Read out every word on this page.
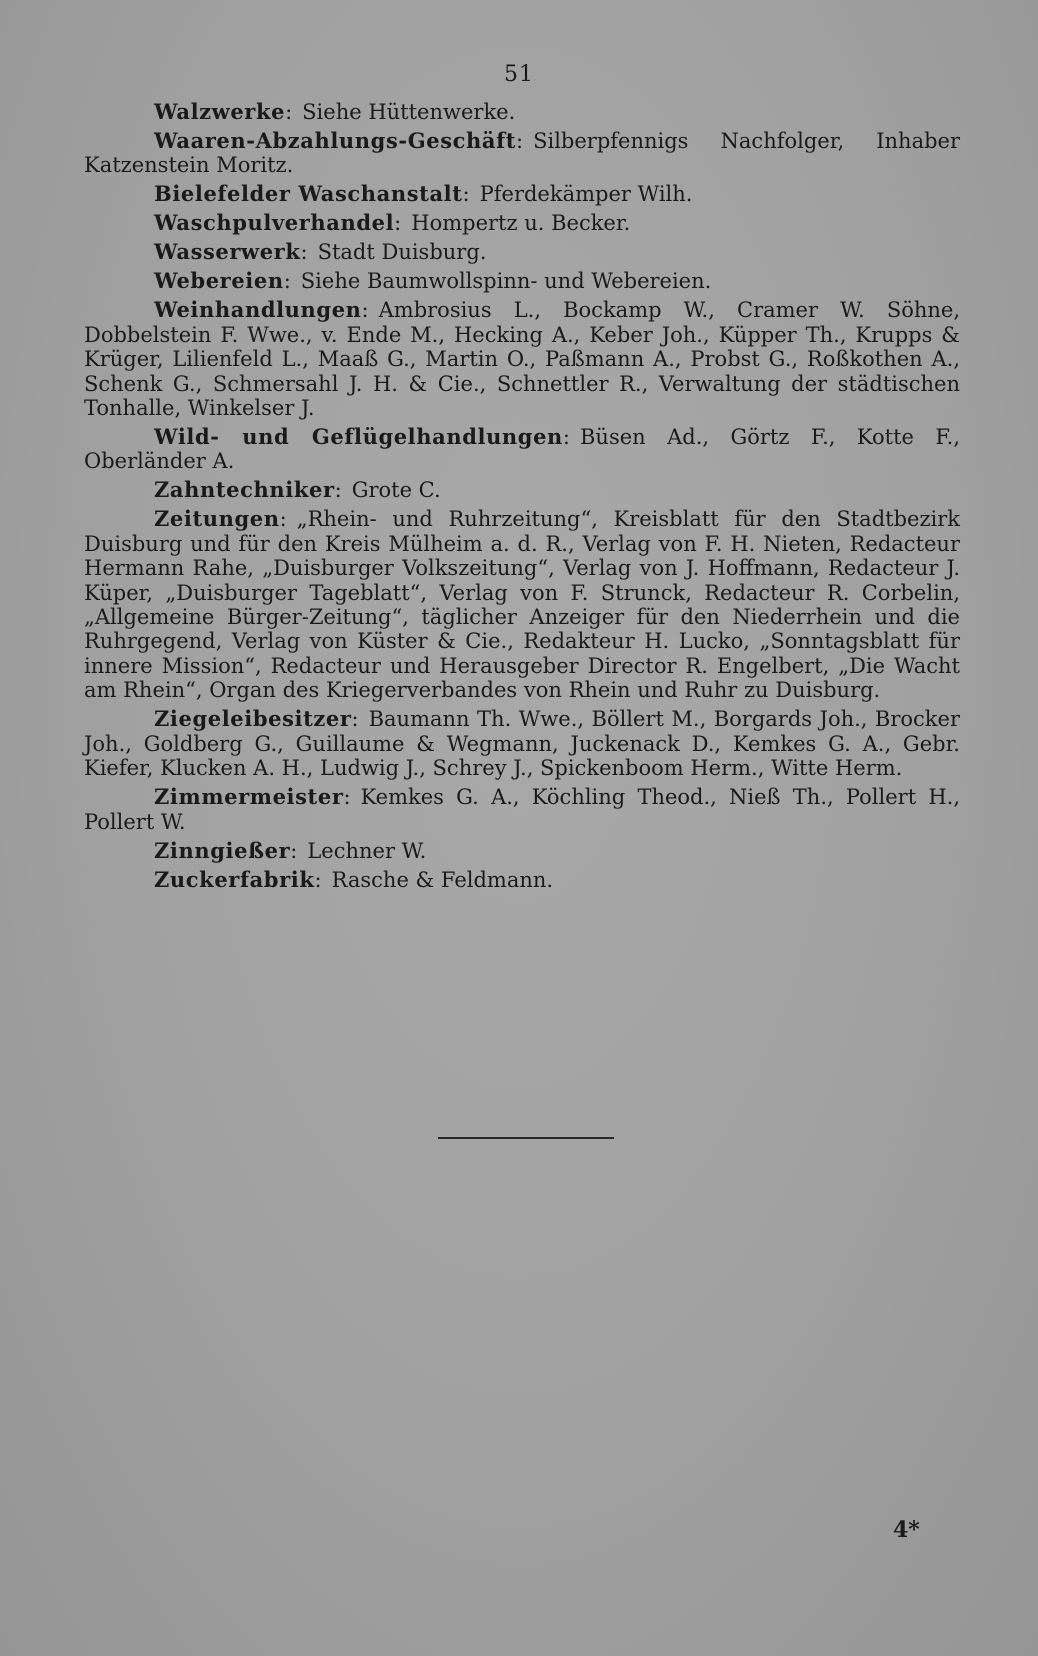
51

Walzwerke: Siehe Hüttenwerke.

Waaren-Abzahlungs-Geschäft: Silberpfennigs Nachfolger, Inhaber Katzenstein Moritz.

Bielefelder Waschanstalt: Pferdekämper Wilh.

Waschpulverhandel: Hompertz u. Becker.

Wasserwerk: Stadt Duisburg.

Webereien: Siehe Baumwollspinn- und Webereien.

Weinhandlungen: Ambrosius L., Bockamp W., Cramer W. Söhne, Dobbelstein F. Wwe., v. Ende M., Hecking A., Keber Joh., Küpper Th., Krupps & Krüger, Lilienfeld L., Maaß G., Martin O., Paßmann A., Probst G., Roßkothen A., Schenk G., Schmersahl J. H. & Cie., Schnettler R., Verwaltung der städtischen Tonhalle, Winkelser J.

Wild- und Geflügelhandlungen: Büsen Ad., Görtz F., Kotte F., Oberländer A.

Zahntechniker: Grote C.

Zeitungen: „Rhein- und Ruhrzeitung“, Kreisblatt für den Stadtbezirk Duisburg und für den Kreis Mülheim a. d. R., Verlag von F. H. Nieten, Redacteur Hermann Rahe, „Duisburger Volkszeitung“, Verlag von J. Hoffmann, Redacteur J. Küper, „Duisburger Tageblatt“, Verlag von F. Strunck, Redacteur R. Corbelin, „Allgemeine Bürger-Zeitung“, täglicher Anzeiger für den Niederrhein und die Ruhrgegend, Verlag von Küster & Cie., Redakteur H. Lucko, „Sonntagsblatt für innere Mission“, Redacteur und Herausgeber Director R. Engelbert, „Die Wacht am Rhein“, Organ des Kriegerverbandes von Rhein und Ruhr zu Duisburg.

Ziegeleibesitzer: Baumann Th. Wwe., Böllert M., Borgards Joh., Brocker Joh., Goldberg G., Guillaume & Wegmann, Juckenack D., Kemkes G. A., Gebr. Kiefer, Klucken A. H., Ludwig J., Schrey J., Spickenboom Herm., Witte Herm.

Zimmermeister: Kemkes G. A., Köchling Theod., Nieß Th., Pollert H., Pollert W.

Zinngießer: Lechner W.

Zuckerfabrik: Rasche & Feldmann.

4*
